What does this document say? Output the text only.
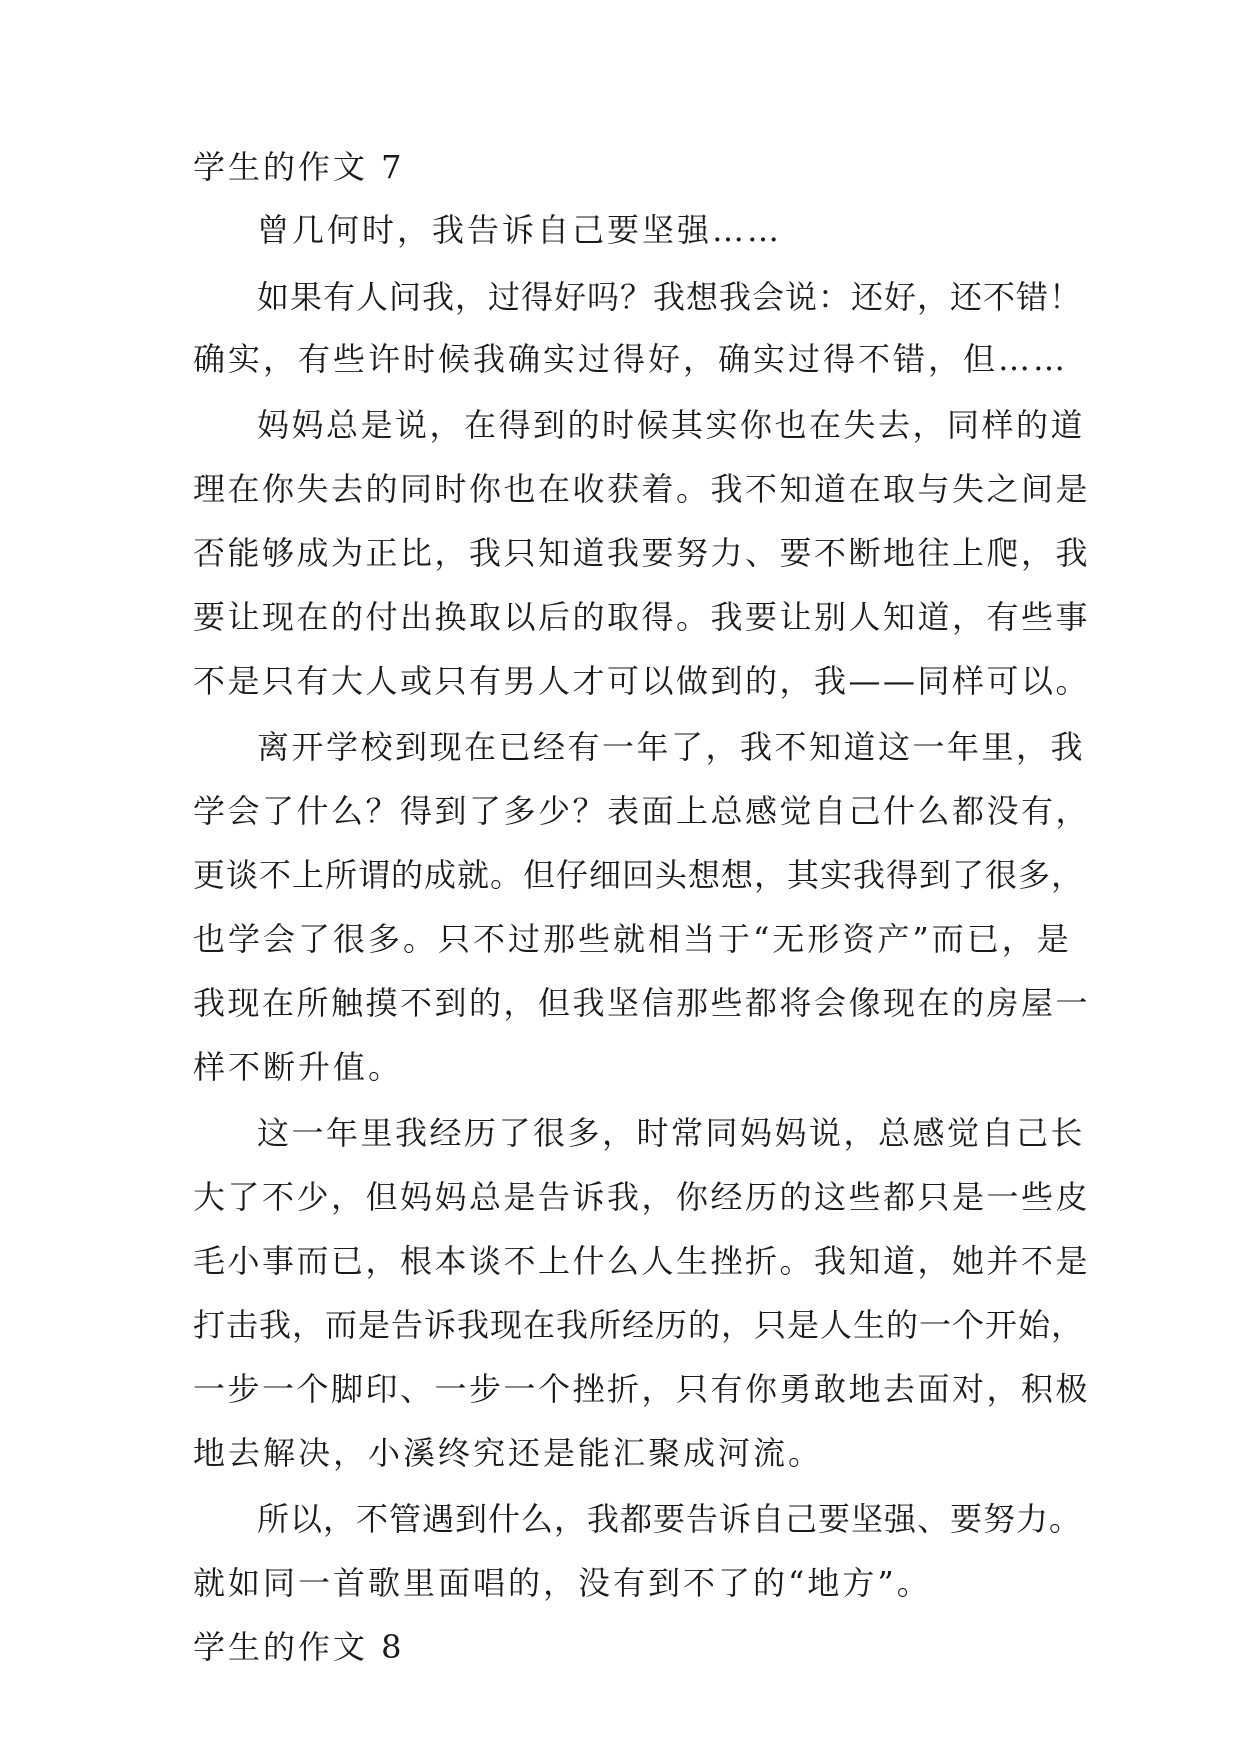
学生的作文 7
曾几何时，我告诉自己要坚强……
如果有人问我，过得好吗？我想我会说：还好，还不错！
确实，有些许时候我确实过得好，确实过得不错，但……
妈妈总是说，在得到的时候其实你也在失去，同样的道
理在你失去的同时你也在收获着。我不知道在取与失之间是
否能够成为正比，我只知道我要努力、要不断地往上爬，我
要让现在的付出换取以后的取得。我要让别人知道，有些事
不是只有大人或只有男人才可以做到的，我——同样可以。
离开学校到现在已经有一年了，我不知道这一年里，我
学会了什么？得到了多少？表面上总感觉自己什么都没有，
更谈不上所谓的成就。但仔细回头想想，其实我得到了很多，
也学会了很多。只不过那些就相当于“无形资产”而已，是
我现在所触摸不到的，但我坚信那些都将会像现在的房屋一
样不断升值。
这一年里我经历了很多，时常同妈妈说，总感觉自己长
大了不少，但妈妈总是告诉我，你经历的这些都只是一些皮
毛小事而已，根本谈不上什么人生挫折。我知道，她并不是
打击我，而是告诉我现在我所经历的，只是人生的一个开始，
一步一个脚印、一步一个挫折，只有你勇敢地去面对，积极
地去解决，小溪终究还是能汇聚成河流。
所以，不管遇到什么，我都要告诉自己要坚强、要努力。
就如同一首歌里面唱的，没有到不了的“地方”。
学生的作文 8
